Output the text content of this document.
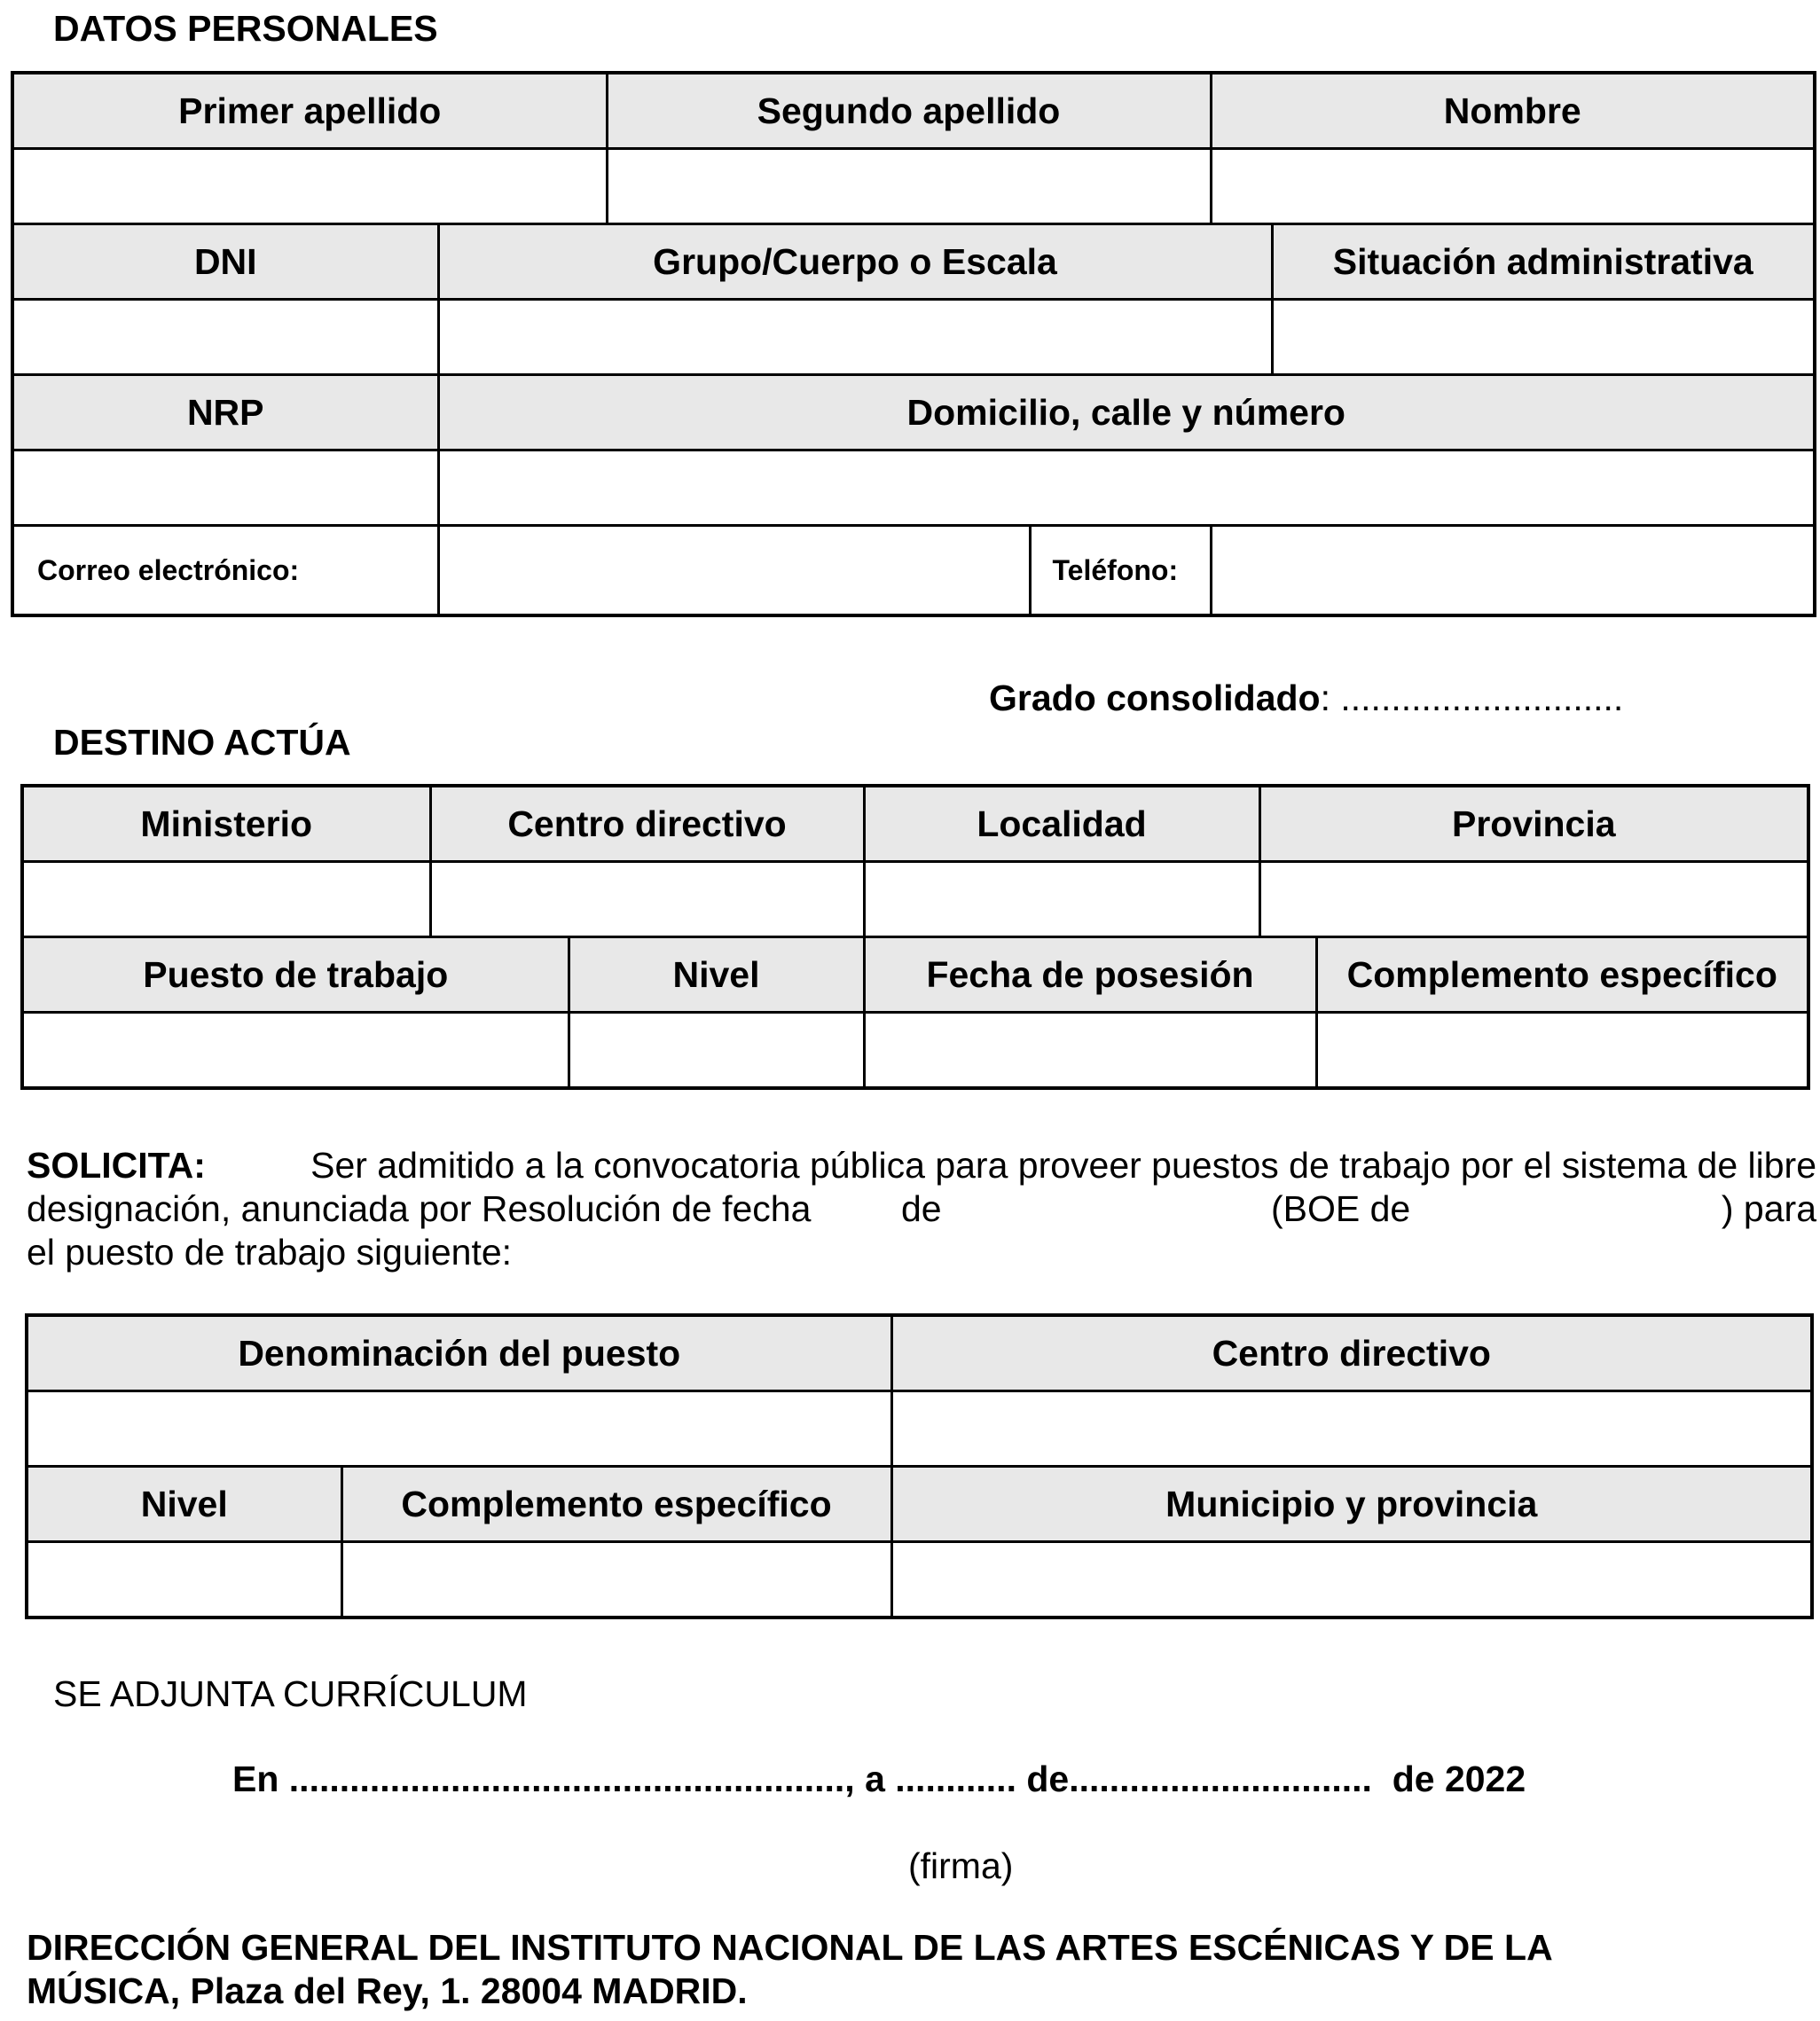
DATOS PERSONALES
Primer apellido		Segundo apellido		Nombre	

DNI	Grupo/Cuerpo o Escala				Situación administrativa

NRP	Domicilio, calle y número				

Correo electrónico:			Teléfono:		
Grado consolidado: ............................
DESTINO ACTÚA
Ministerio	Centro directivo		Localidad	Provincia	

Puesto de trabajo		Nivel	Fecha de posesión		Complemento específico

SOLICITA:	Ser admitido a la convocatoria pública para proveer puestos de trabajo por el sistema de libre
designación, anunciada por Resolución de fecha de	(BOE de	) para
el puesto de trabajo siguiente:
Denominación del puesto		Centro directivo

Nivel	Complemento específico	Municipio y provincia

SE ADJUNTA CURRÍCULUM
En ......................................................., a ............ de..............................  de 2022
(firma)
DIRECCIÓN GENERAL DEL INSTITUTO NACIONAL DE LAS ARTES ESCÉNICAS Y DE LA
MÚSICA, Plaza del Rey, 1. 28004 MADRID.
